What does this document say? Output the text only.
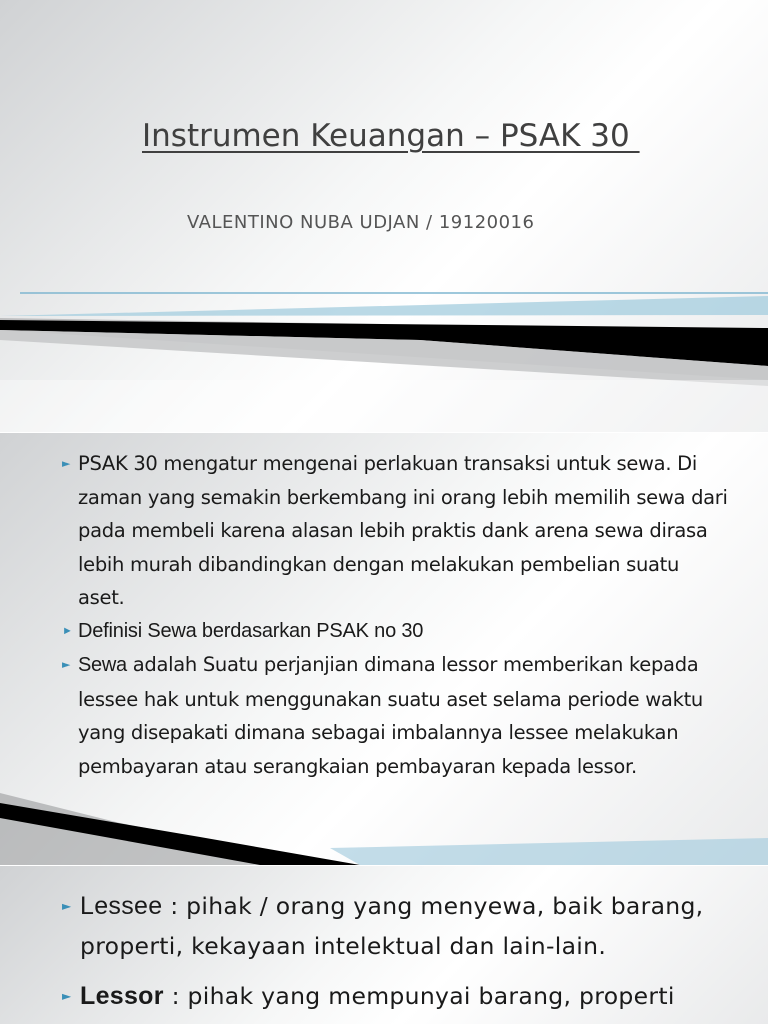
Instrumen Keuangan – PSAK 30
VALENTINO NUBA UDJAN / 19120016

► PSAK 30 mengatur mengenai perlakuan transaksi untuk sewa. Di zaman yang semakin berkembang ini orang lebih memilih sewa dari pada membeli karena alasan lebih praktis dank arena sewa dirasa lebih murah dibandingkan dengan melakukan pembelian suatu aset.

► Definisi Sewa berdasarkan PSAK no 30

► Sewa adalah Suatu perjanjian dimana lessor memberikan kepada lessee hak untuk menggunakan suatu aset selama periode waktu yang disepakati dimana sebagai imbalannya lessee melakukan pembayaran atau serangkaian pembayaran kepada lessor.

► Lessee : pihak / orang yang menyewa, baik barang, properti, kekayaan intelektual dan lain-lain.

► Lessor : pihak yang mempunyai barang, properti
